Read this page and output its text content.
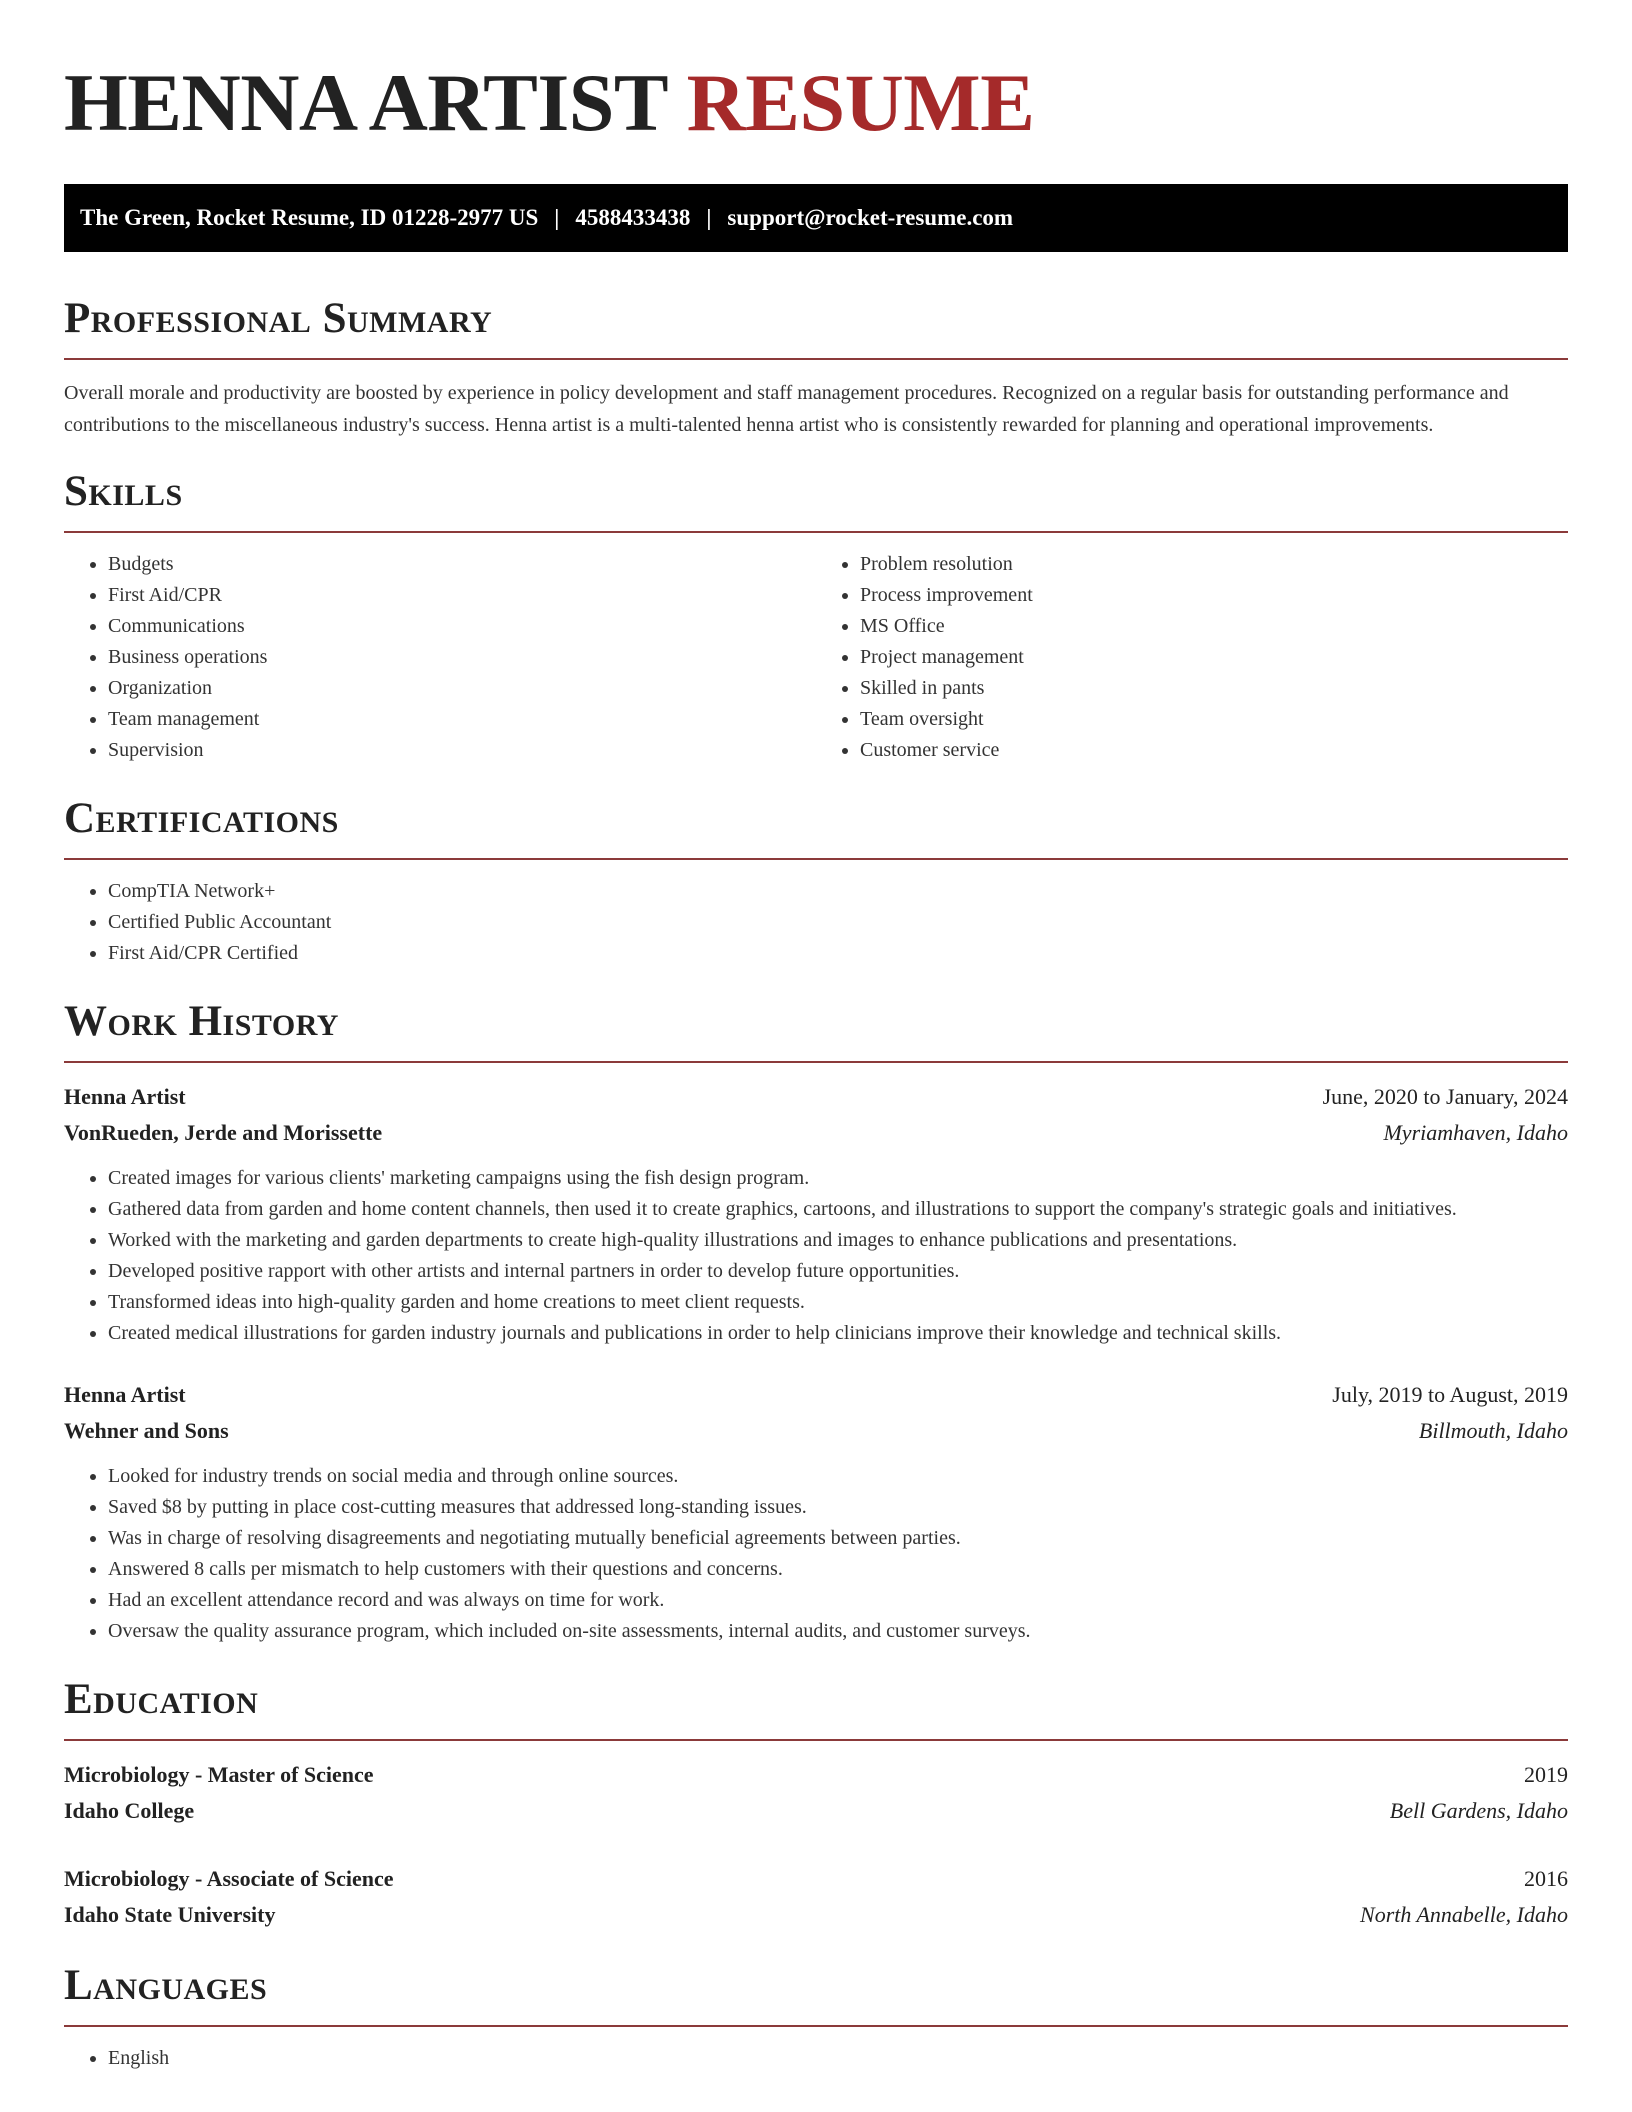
HENNA ARTIST RESUME
The Green, Rocket Resume, ID 01228-2977 US | 4588433438 | support@rocket-resume.com
Professional Summary

Overall morale and productivity are boosted by experience in policy development and staff management procedures. Recognized on a regular basis for outstanding performance and contributions to the miscellaneous industry's success. Henna artist is a multi-talented henna artist who is consistently rewarded for planning and operational improvements.

Skills
• Budgets
• First Aid/CPR
• Communications
• Business operations
• Organization
• Team management
• Supervision
• Problem resolution
• Process improvement
• MS Office
• Project management
• Skilled in pants
• Team oversight
• Customer service
Certifications
• CompTIA Network+
• Certified Public Accountant
• First Aid/CPR Certified
Work History
Henna Artist	June, 2020 to January, 2024
VonRueden, Jerde and Morissette	Myriamhaven, Idaho
• Created images for various clients' marketing campaigns using the fish design program.
• Gathered data from garden and home content channels, then used it to create graphics, cartoons, and illustrations to support the company's strategic goals and initiatives.
• Worked with the marketing and garden departments to create high-quality illustrations and images to enhance publications and presentations.
• Developed positive rapport with other artists and internal partners in order to develop future opportunities.
• Transformed ideas into high-quality garden and home creations to meet client requests.
• Created medical illustrations for garden industry journals and publications in order to help clinicians improve their knowledge and technical skills.
Henna Artist	July, 2019 to August, 2019
Wehner and Sons	Billmouth, Idaho
• Looked for industry trends on social media and through online sources.
• Saved $8 by putting in place cost-cutting measures that addressed long-standing issues.
• Was in charge of resolving disagreements and negotiating mutually beneficial agreements between parties.
• Answered 8 calls per mismatch to help customers with their questions and concerns.
• Had an excellent attendance record and was always on time for work.
• Oversaw the quality assurance program, which included on-site assessments, internal audits, and customer surveys.
Education
Microbiology - Master of Science	2019
Idaho College	Bell Gardens, Idaho
Microbiology - Associate of Science	2016
Idaho State University	North Annabelle, Idaho
Languages
• English
